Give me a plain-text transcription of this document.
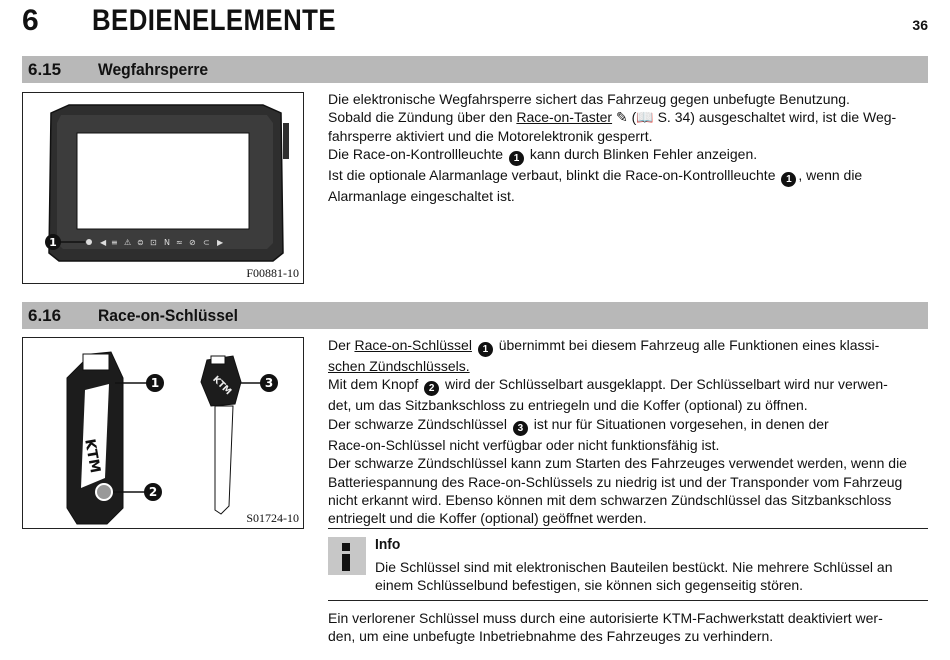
6 BEDIENELEMENTE	36
6.15 Wegfahrsperre
◀ ≡ ⚠ ⊜ ⊡ N ≈ ⊘ ⊂ ▶
1
F00881-10

Die elektronische Wegfahrsperre sichert das Fahrzeug gegen unbefugte Benutzung.

Sobald die Zündung über den Race-on-Taster ✎ (📖 S. 34) ausgeschaltet wird, ist die Weg-

fahrsperre aktiviert und die Motorelektronik gesperrt.

Die Race-on-Kontrollleuchte 1 kann durch Blinken Fehler anzeigen.

Ist die optionale Alarmanlage verbaut, blinkt die Race-on-Kontrollleuchte 1 , wenn die

Alarmanlage eingeschaltet ist.

6.16 Race-on-Schlüssel
KTM
KTM
1
2
3
S01724-10

Der Race-on-Schlüssel 1 übernimmt bei diesem Fahrzeug alle Funktionen eines klassi-

schen Zündschlüssels.

Mit dem Knopf 2 wird der Schlüsselbart ausgeklappt. Der Schlüsselbart wird nur verwen-

det, um das Sitzbankschloss zu entriegeln und die Koffer (optional) zu öffnen.

Der schwarze Zündschlüssel 3 ist nur für Situationen vorgesehen, in denen der

Race-on-Schlüssel nicht verfügbar oder nicht funktionsfähig ist.

Der schwarze Zündschlüssel kann zum Starten des Fahrzeuges verwendet werden, wenn die

Batteriespannung des Race-on-Schlüssels zu niedrig ist und der Transponder vom Fahrzeug

nicht erkannt wird. Ebenso können mit dem schwarzen Zündschlüssel das Sitzbankschloss

entriegelt und die Koffer (optional) geöffnet werden.

Info
Die Schlüssel sind mit elektronischen Bauteilen bestückt. Nie mehrere Schlüssel an
einem Schlüsselbund befestigen, sie können sich gegenseitig stören.

Ein verlorener Schlüssel muss durch eine autorisierte KTM-Fachwerkstatt deaktiviert wer-

den, um eine unbefugte Inbetriebnahme des Fahrzeuges zu verhindern.
